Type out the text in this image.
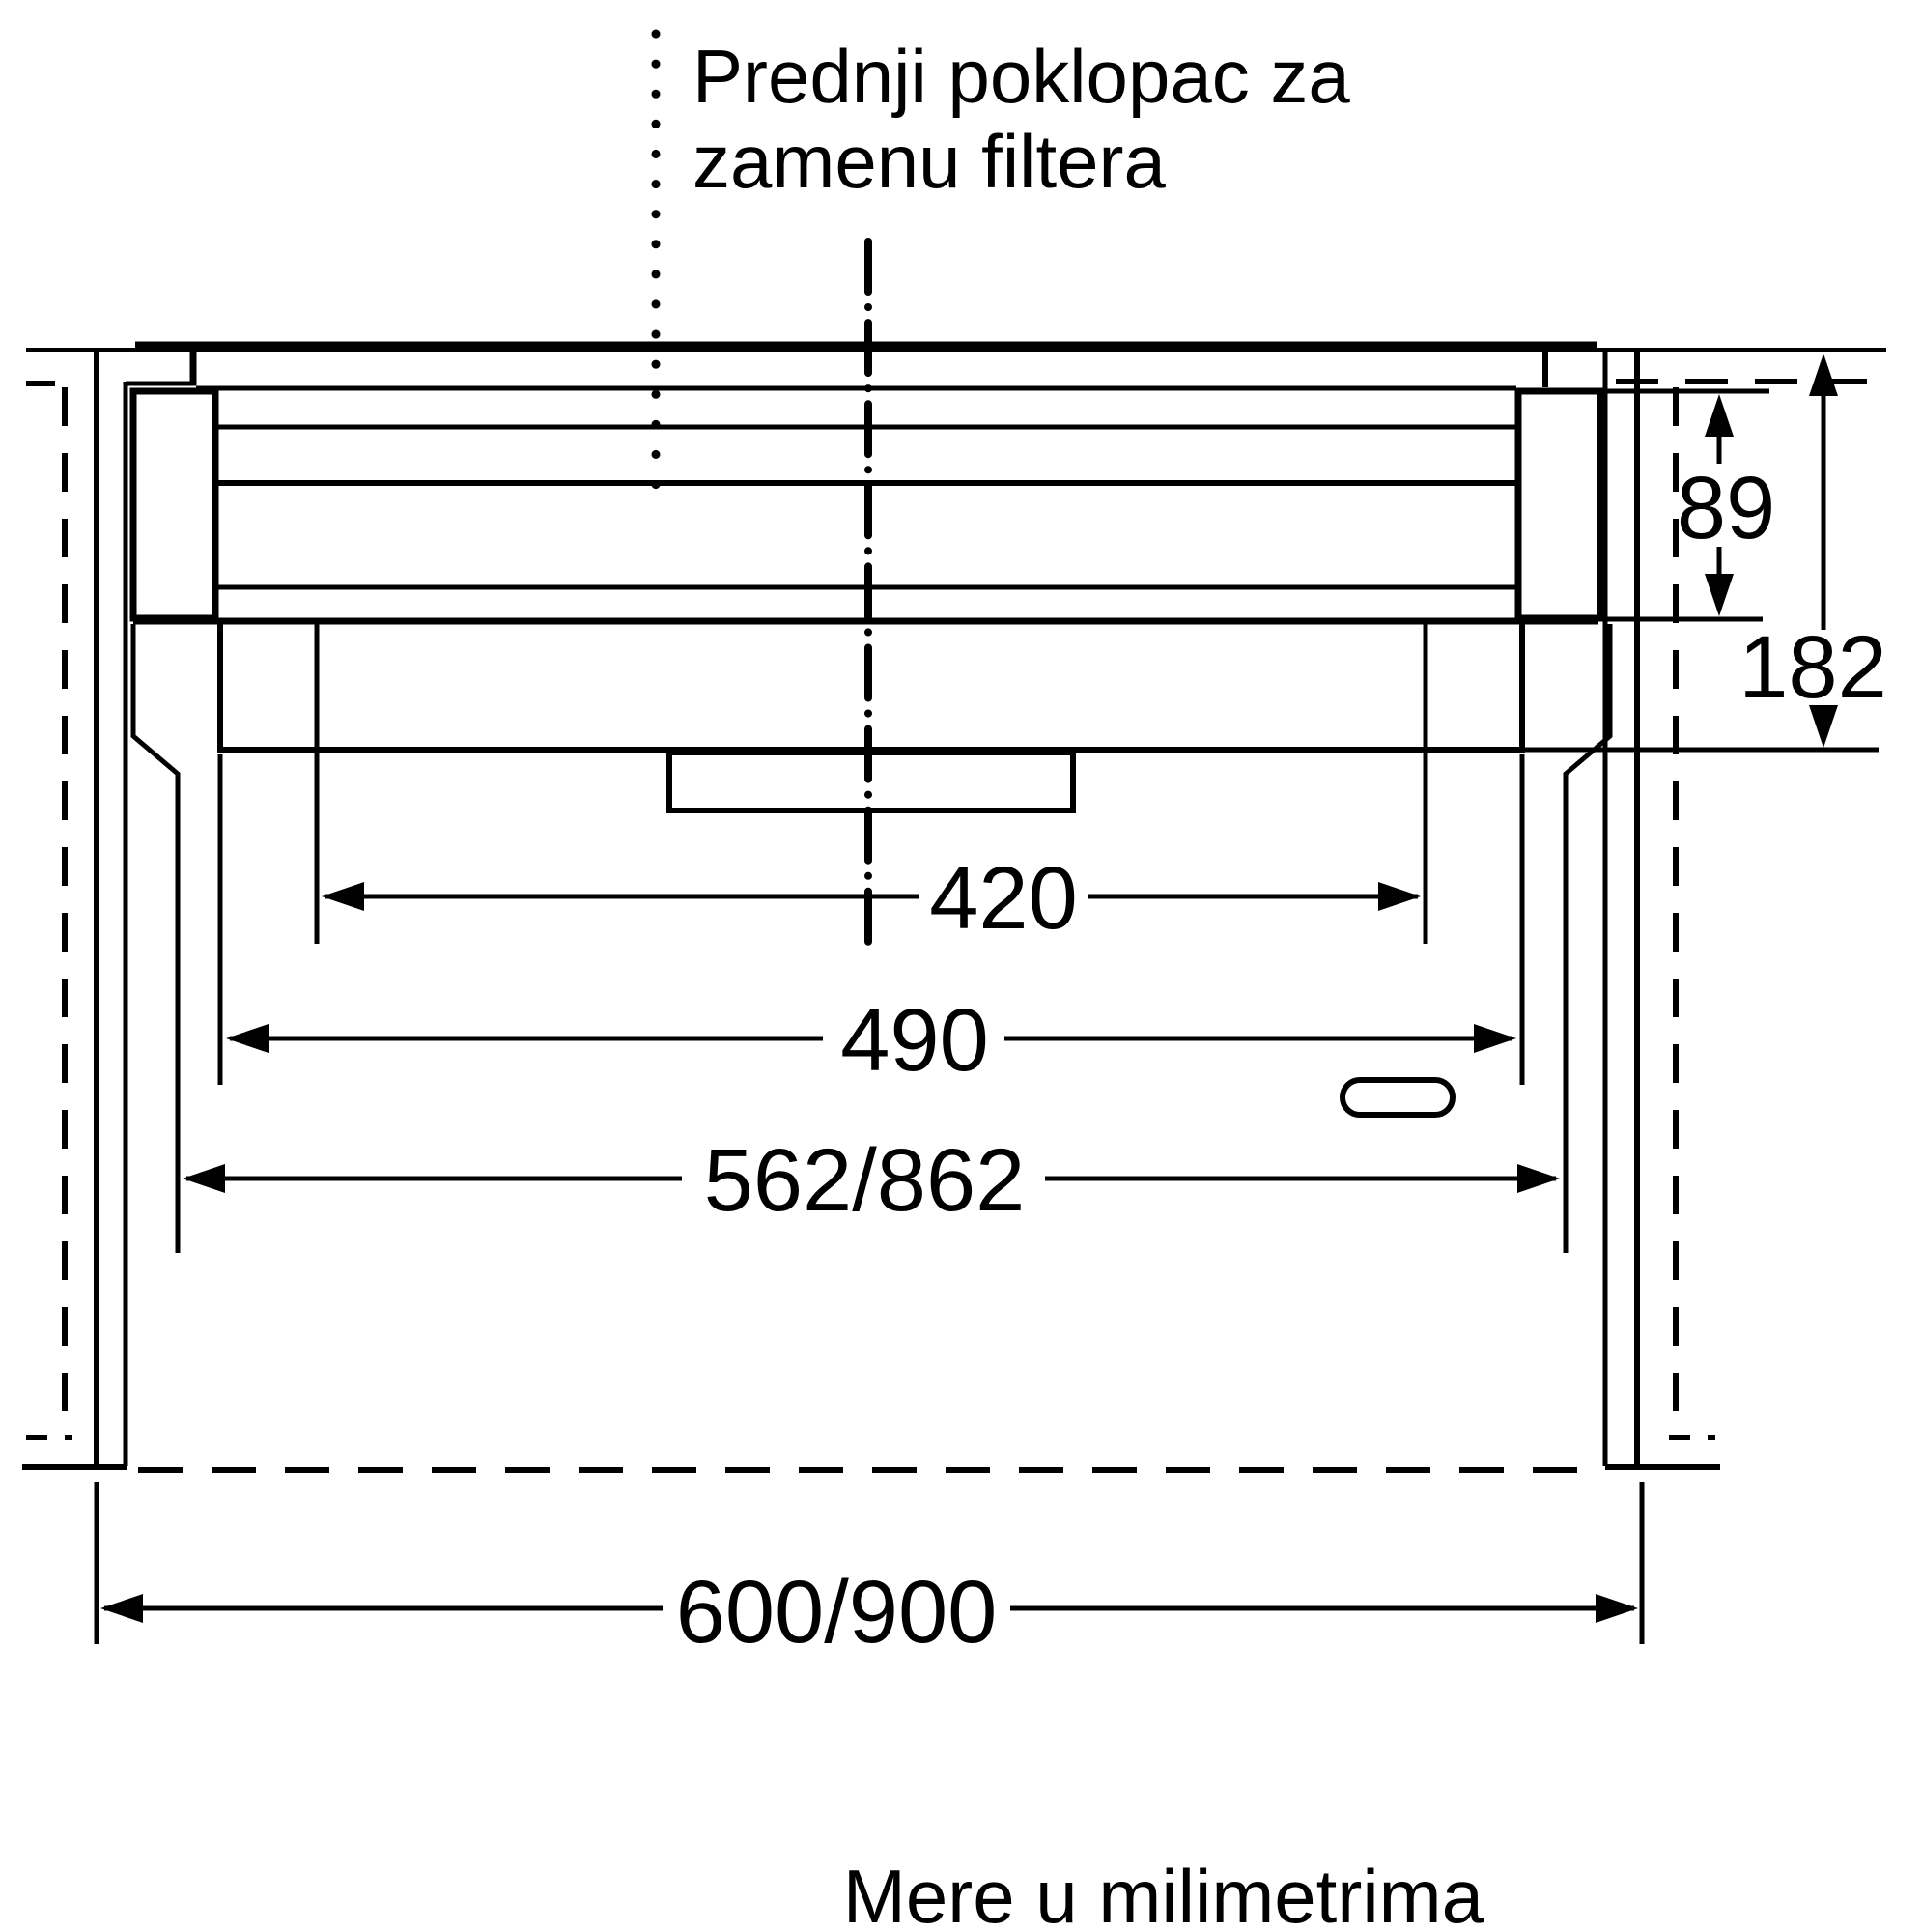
420
490
562/862
600/900
89
182
Prednji poklopac za
zamenu filtera
Mere u milimetrima
